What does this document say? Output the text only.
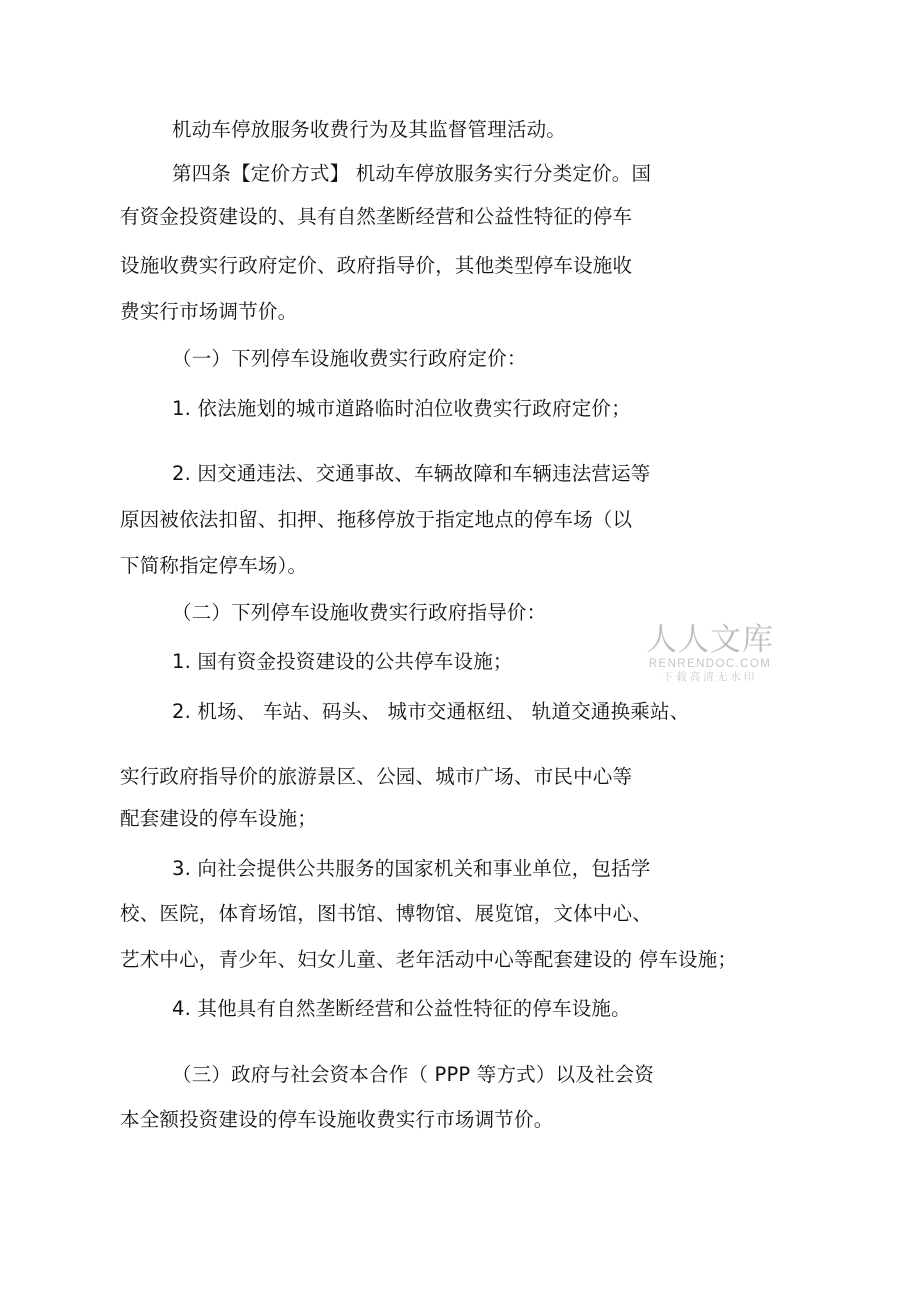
机动车停放服务收费行为及其监督管理活动。
第四条【定价方式】 机动车停放服务实行分类定价。国
有资金投资建设的、具有自然垄断经营和公益性特征的停车
设施收费实行政府定价、政府指导价，其他类型停车设施收
费实行市场调节价。
（一）下列停车设施收费实行政府定价：
1. 依法施划的城市道路临时泊位收费实行政府定价；
2. 因交通违法、交通事故、车辆故障和车辆违法营运等
原因被依法扣留、扣押、拖移停放于指定地点的停车场（以
下简称指定停车场）。
（二）下列停车设施收费实行政府指导价：
1. 国有资金投资建设的公共停车设施；
2. 机场、 车站、码头、 城市交通枢纽、 轨道交通换乘站、
实行政府指导价的旅游景区、公园、城市广场、市民中心等
配套建设的停车设施；
3. 向社会提供公共服务的国家机关和事业单位，包括学
校、医院，体育场馆，图书馆、博物馆、展览馆，文体中心、
艺术中心，青少年、妇女儿童、老年活动中心等配套建设的 停车设施；
4. 其他具有自然垄断经营和公益性特征的停车设施。
（三）政府与社会资本合作（ PPP 等方式）以及社会资
本全额投资建设的停车设施收费实行市场调节价。
人人文库
RENRENDOC.COM
下载高清无水印
